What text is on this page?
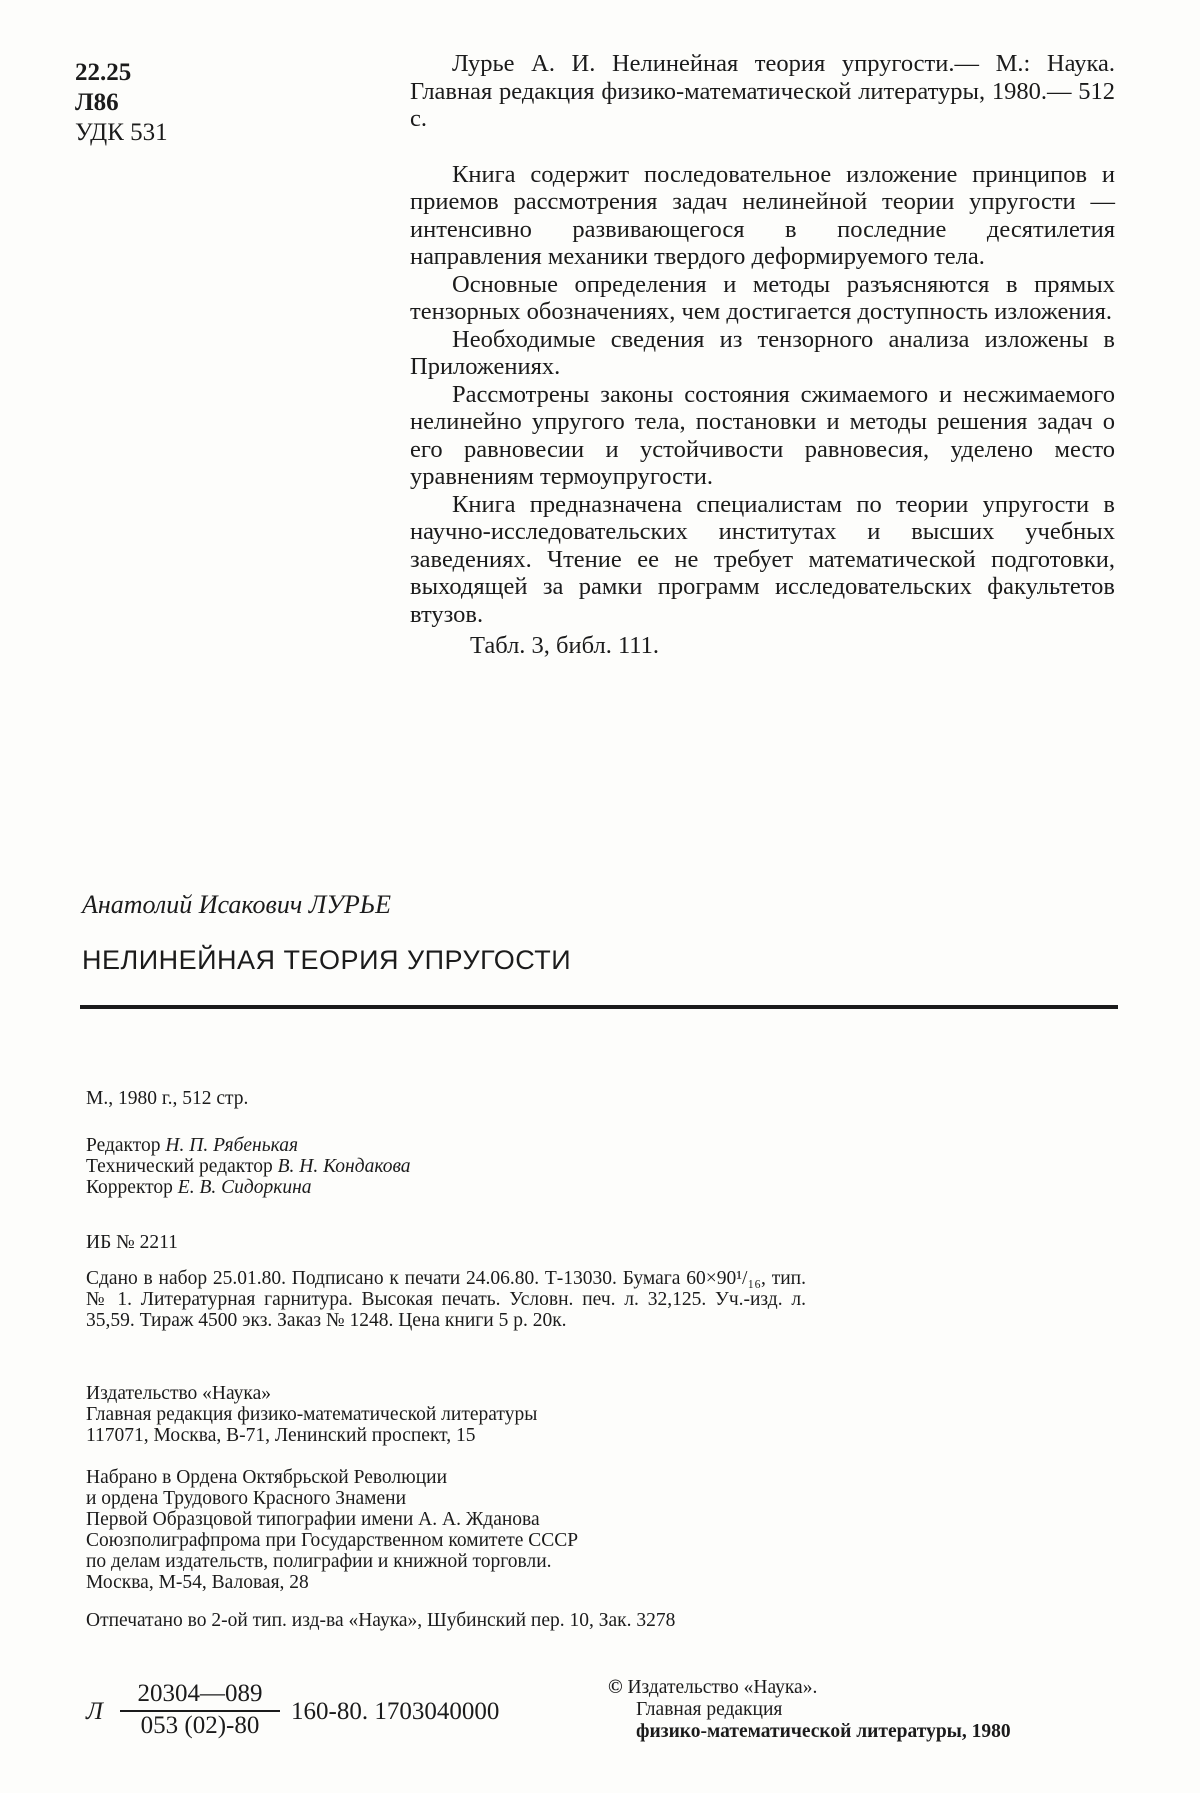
22.25
Л86
УДК 531

Лурье А. И. Нелинейная теория упругости.— М.: Наука. Главная редакция физико-математической литературы, 1980.— 512 с.

Книга содержит последовательное изложение принципов и приемов рассмотрения задач нелинейной теории упругости — интенсивно развивающегося в последние десятилетия направления механики твердого деформируемого тела.

Основные определения и методы разъясняются в прямых тензорных обозначениях, чем достигается доступность изложения.

Необходимые сведения из тензорного анализа изложены в Приложениях.

Рассмотрены законы состояния сжимаемого и несжимаемого нелинейно упругого тела, постановки и методы решения задач о его равновесии и устойчивости равновесия, уделено место уравнениям термоупругости.

Книга предназначена специалистам по теории упругости в научно-исследовательских институтах и высших учебных заведениях. Чтение ее не требует математической подготовки, выходящей за рамки программ исследовательских факультетов втузов.

Табл. 3, библ. 111.

Анатолий Исакович ЛУРЬЕ
НЕЛИНЕЙНАЯ ТЕОРИЯ УПРУГОСТИ

М., 1980 г., 512 стр.

Редактор Н. П. Рябенькая

Технический редактор В. Н. Кондакова

Корректор Е. В. Сидоркина

ИБ № 2211

Сдано в набор 25.01.80. Подписано к печати 24.06.80. Т-13030. Бумага 60×90¹/₁₆, тип. № 1. Литературная гарнитура. Высокая печать. Условн. печ. л. 32,125. Уч.-изд. л. 35,59. Тираж 4500 экз. Заказ № 1248. Цена книги 5 р. 20к.

Издательство «Наука»

Главная редакция физико-математической литературы

117071, Москва, В-71, Ленинский проспект, 15

Набрано в Ордена Октябрьской Революции

и ордена Трудового Красного Знамени

Первой Образцовой типографии имени А. А. Жданова

Союзполиграфпрома при Государственном комитете СССР

по делам издательств, полиграфии и книжной торговли.

Москва, М-54, Валовая, 28

Отпечатано во 2-ой тип. изд-ва «Наука», Шубинский пер. 10, Зак. 3278

Л $\frac{20304—089}{053 (02)-80} 160-80$. 1703040000
© Издательство «Наука».
Главная редакция
физико-математической литературы, 1980
